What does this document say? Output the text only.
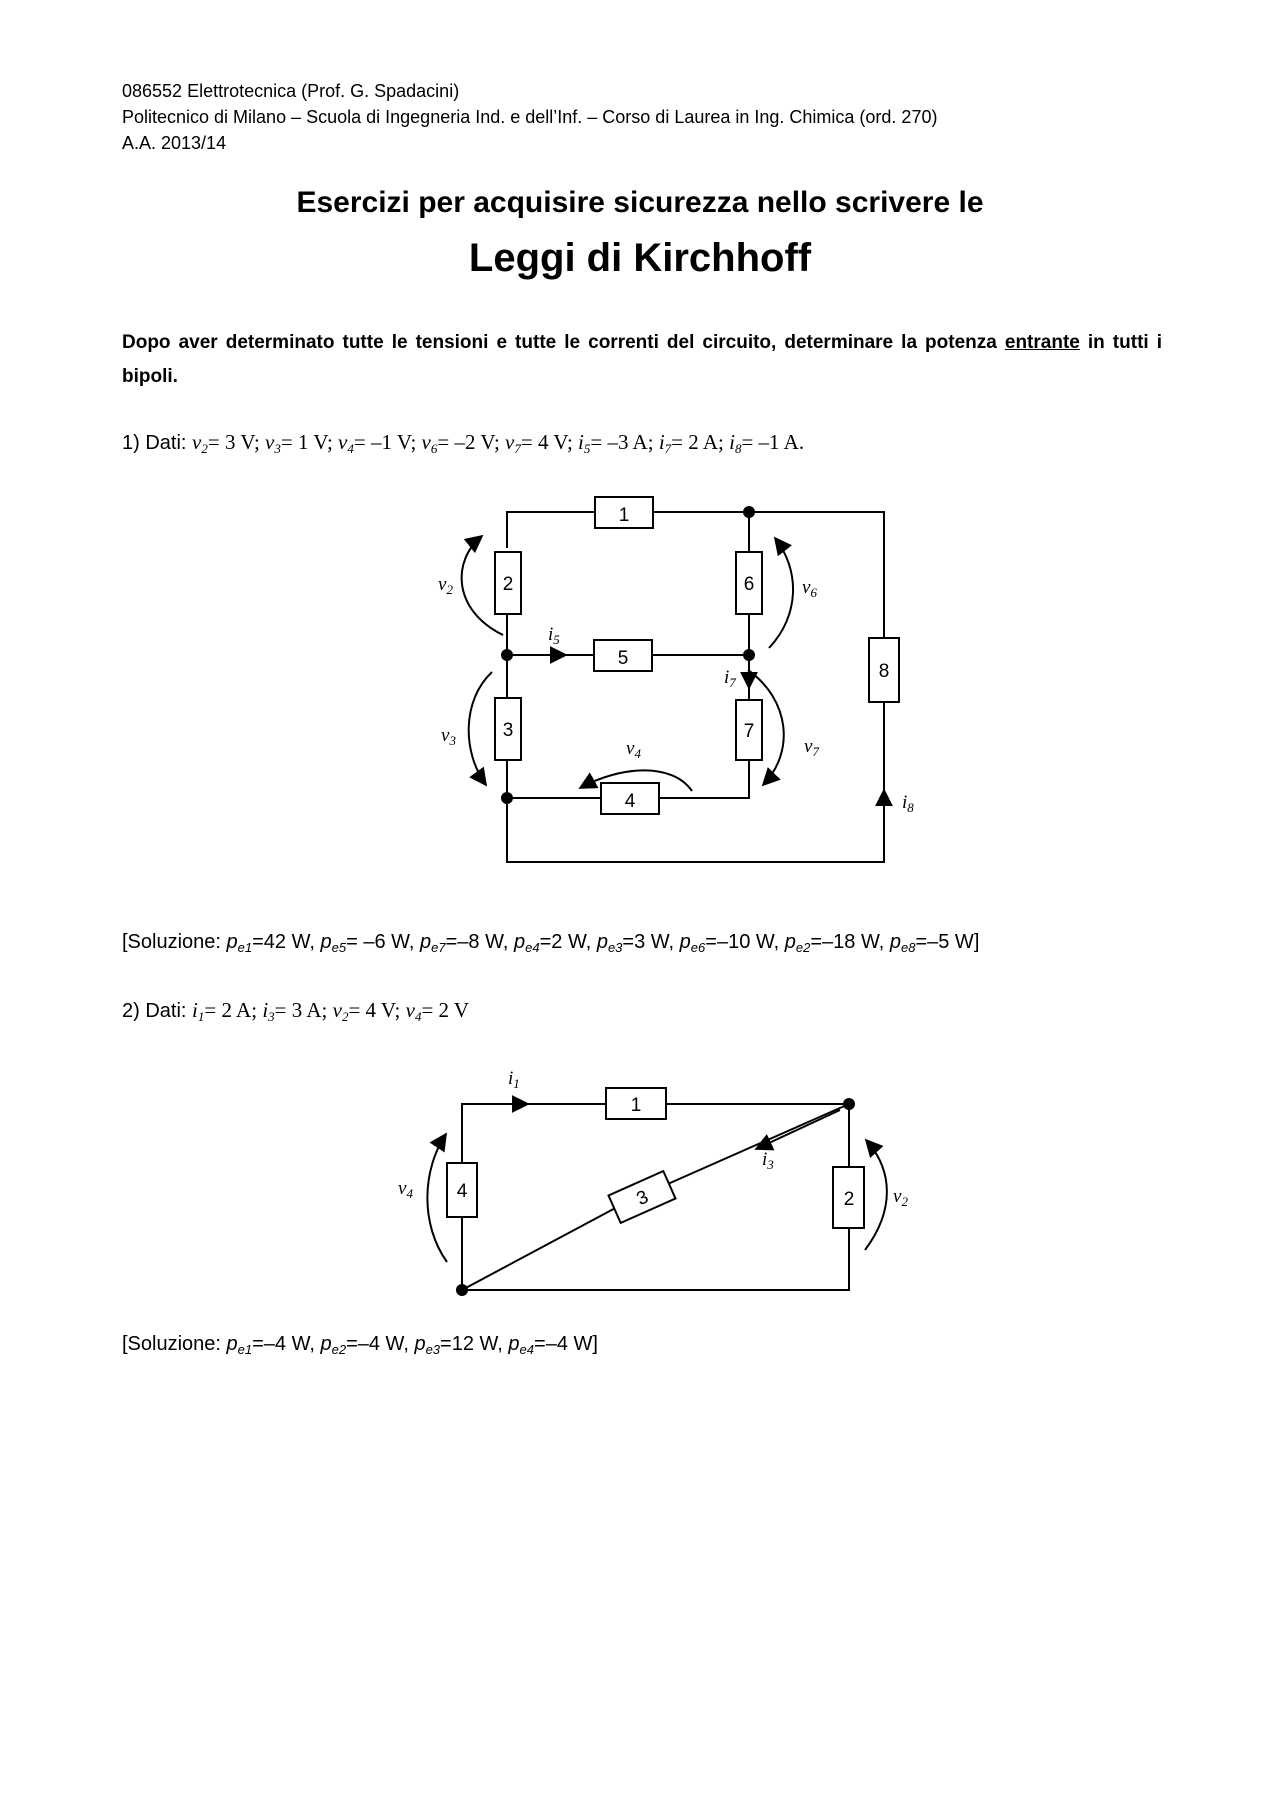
086552 Elettrotecnica (Prof. G. Spadacini)
Politecnico di Milano – Scuola di Ingegneria Ind. e dell’Inf. – Corso di Laurea in Ing. Chimica (ord. 270)
A.A. 2013/14
Esercizi per acquisire sicurezza nello scrivere le
Leggi di Kirchhoff
Dopo aver determinato tutte le tensioni e tutte le correnti del circuito, determinare la potenza entrante in tutti i bipoli.
1) Dati: $v_2= 3$ V; $v_3= 1$ V; $v_4= -1$ V; $v_6= -2$ V; $v_7= 4$ V; $i_5= -3$ A; $i_7= 2$ A; $i_8= -1$ A.
[Soluzione: $p_{e1}=42$ W, $p_{e5}= -6$ W, $p_{e7}=-8$ W, $p_{e4}=2$ W, $p_{e3}=3$ W, $p_{e6}=-10$ W, $p_{e2}=-18$ W, $p_{e8}=-5$ W]
2) Dati: $i_1= 2$ A; $i_3= 3$ A; $v_2= 4$ V; $v_4= 2$ V
[Soluzione: $p_{e1}=-4$ W, $p_{e2}=-4$ W, $p_{e3}=12$ W, $p_{e4}=-4$ W]
1
2
3
4
5
6
7
8
$v_2$
$v_3$	$v_4$
$v_6$
$v_7$
$i_5$
$i_7$
$i_8$
1
2
3
4
$i_1$
$i_3$
$v_4$	$v_2$
